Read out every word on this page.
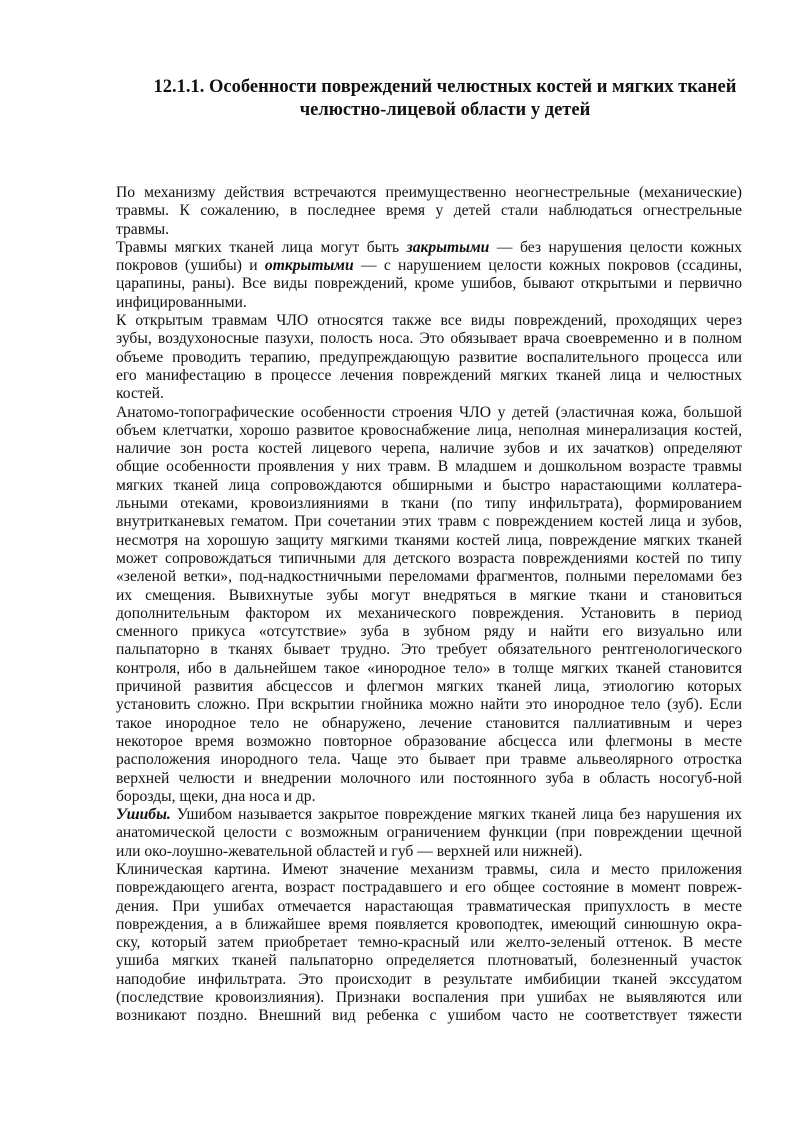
12.1.1. Особенности повреждений челюстных костей и мягких тканей
челюстно-лицевой области у детей
По механизму действия встречаются преимущественно неогнестрельные (механические)
травмы. К сожалению, в последнее время у детей стали наблюдаться огнестрельные
травмы.
Травмы мягких тканей лица могут быть закрытыми — без нарушения целости кожных
покровов (ушибы) и открытыми — с нарушением целости кожных покровов (ссадины,
царапины, раны). Все виды повреждений, кроме ушибов, бывают открытыми и первично
инфицированными.
К открытым травмам ЧЛО относятся также все виды повреждений, проходящих через
зубы, воздухоносные пазухи, полость носа. Это обязывает врача своевременно и в полном
объеме проводить терапию, предупреждающую развитие воспалительного процесса или
его манифестацию в процессе лечения повреждений мягких тканей лица и челюстных
костей.
Анатомо-топографические особенности строения ЧЛО у детей (эластичная кожа, большой
объем клетчатки, хорошо развитое кровоснабжение лица, неполная минерализация костей,
наличие зон роста костей лицевого черепа, наличие зубов и их зачатков) определяют
общие особенности проявления у них травм. В младшем и дошкольном возрасте травмы
мягких тканей лица сопровождаются обширными и быстро нарастающими коллатера-
льными отеками, кровоизлияниями в ткани (по типу инфильтрата), формированием
внутритканевых гематом. При сочетании этих травм с повреждением костей лица и зубов,
несмотря на хорошую защиту мягкими тканями костей лица, повреждение мягких тканей
может сопровождаться типичными для детского возраста повреждениями костей по типу
«зеленой ветки», под-надкостничными переломами фрагментов, полными переломами без
их смещения. Вывихнутые зубы могут внедряться в мягкие ткани и становиться
дополнительным фактором их механического повреждения. Установить в период
сменного прикуса «отсутствие» зуба в зубном ряду и найти его визуально или
пальпаторно в тканях бывает трудно. Это требует обязательного рентгенологического
контроля, ибо в дальнейшем такое «инородное тело» в толще мягких тканей становится
причиной развития абсцессов и флегмон мягких тканей лица, этиологию которых
установить сложно. При вскрытии гнойника можно найти это инородное тело (зуб). Если
такое инородное тело не обнаружено, лечение становится паллиативным и через
некоторое время возможно повторное образование абсцесса или флегмоны в месте
расположения инородного тела. Чаще это бывает при травме альвеолярного отростка
верхней челюсти и внедрении молочного или постоянного зуба в область носогуб-ной
борозды, щеки, дна носа и др.
Ушибы. Ушибом называется закрытое повреждение мягких тканей лица без нарушения их
анатомической целости с возможным ограничением функции (при повреждении щечной
или око-лоушно-жевательной областей и губ — верхней или нижней).
Клиническая картина. Имеют значение механизм травмы, сила и место приложения
повреждающего агента, возраст пострадавшего и его общее состояние в момент повреж-
дения. При ушибах отмечается нарастающая травматическая припухлость в месте
повреждения, а в ближайшее время появляется кровоподтек, имеющий синюшную окра-
ску, который затем приобретает темно-красный или желто-зеленый оттенок. В месте
ушиба мягких тканей пальпаторно определяется плотноватый, болезненный участок
наподобие инфильтрата. Это происходит в результате имбибиции тканей экссудатом
(последствие кровоизлияния). Признаки воспаления при ушибах не выявляются или
возникают поздно. Внешний вид ребенка с ушибом часто не соответствует тяжести
